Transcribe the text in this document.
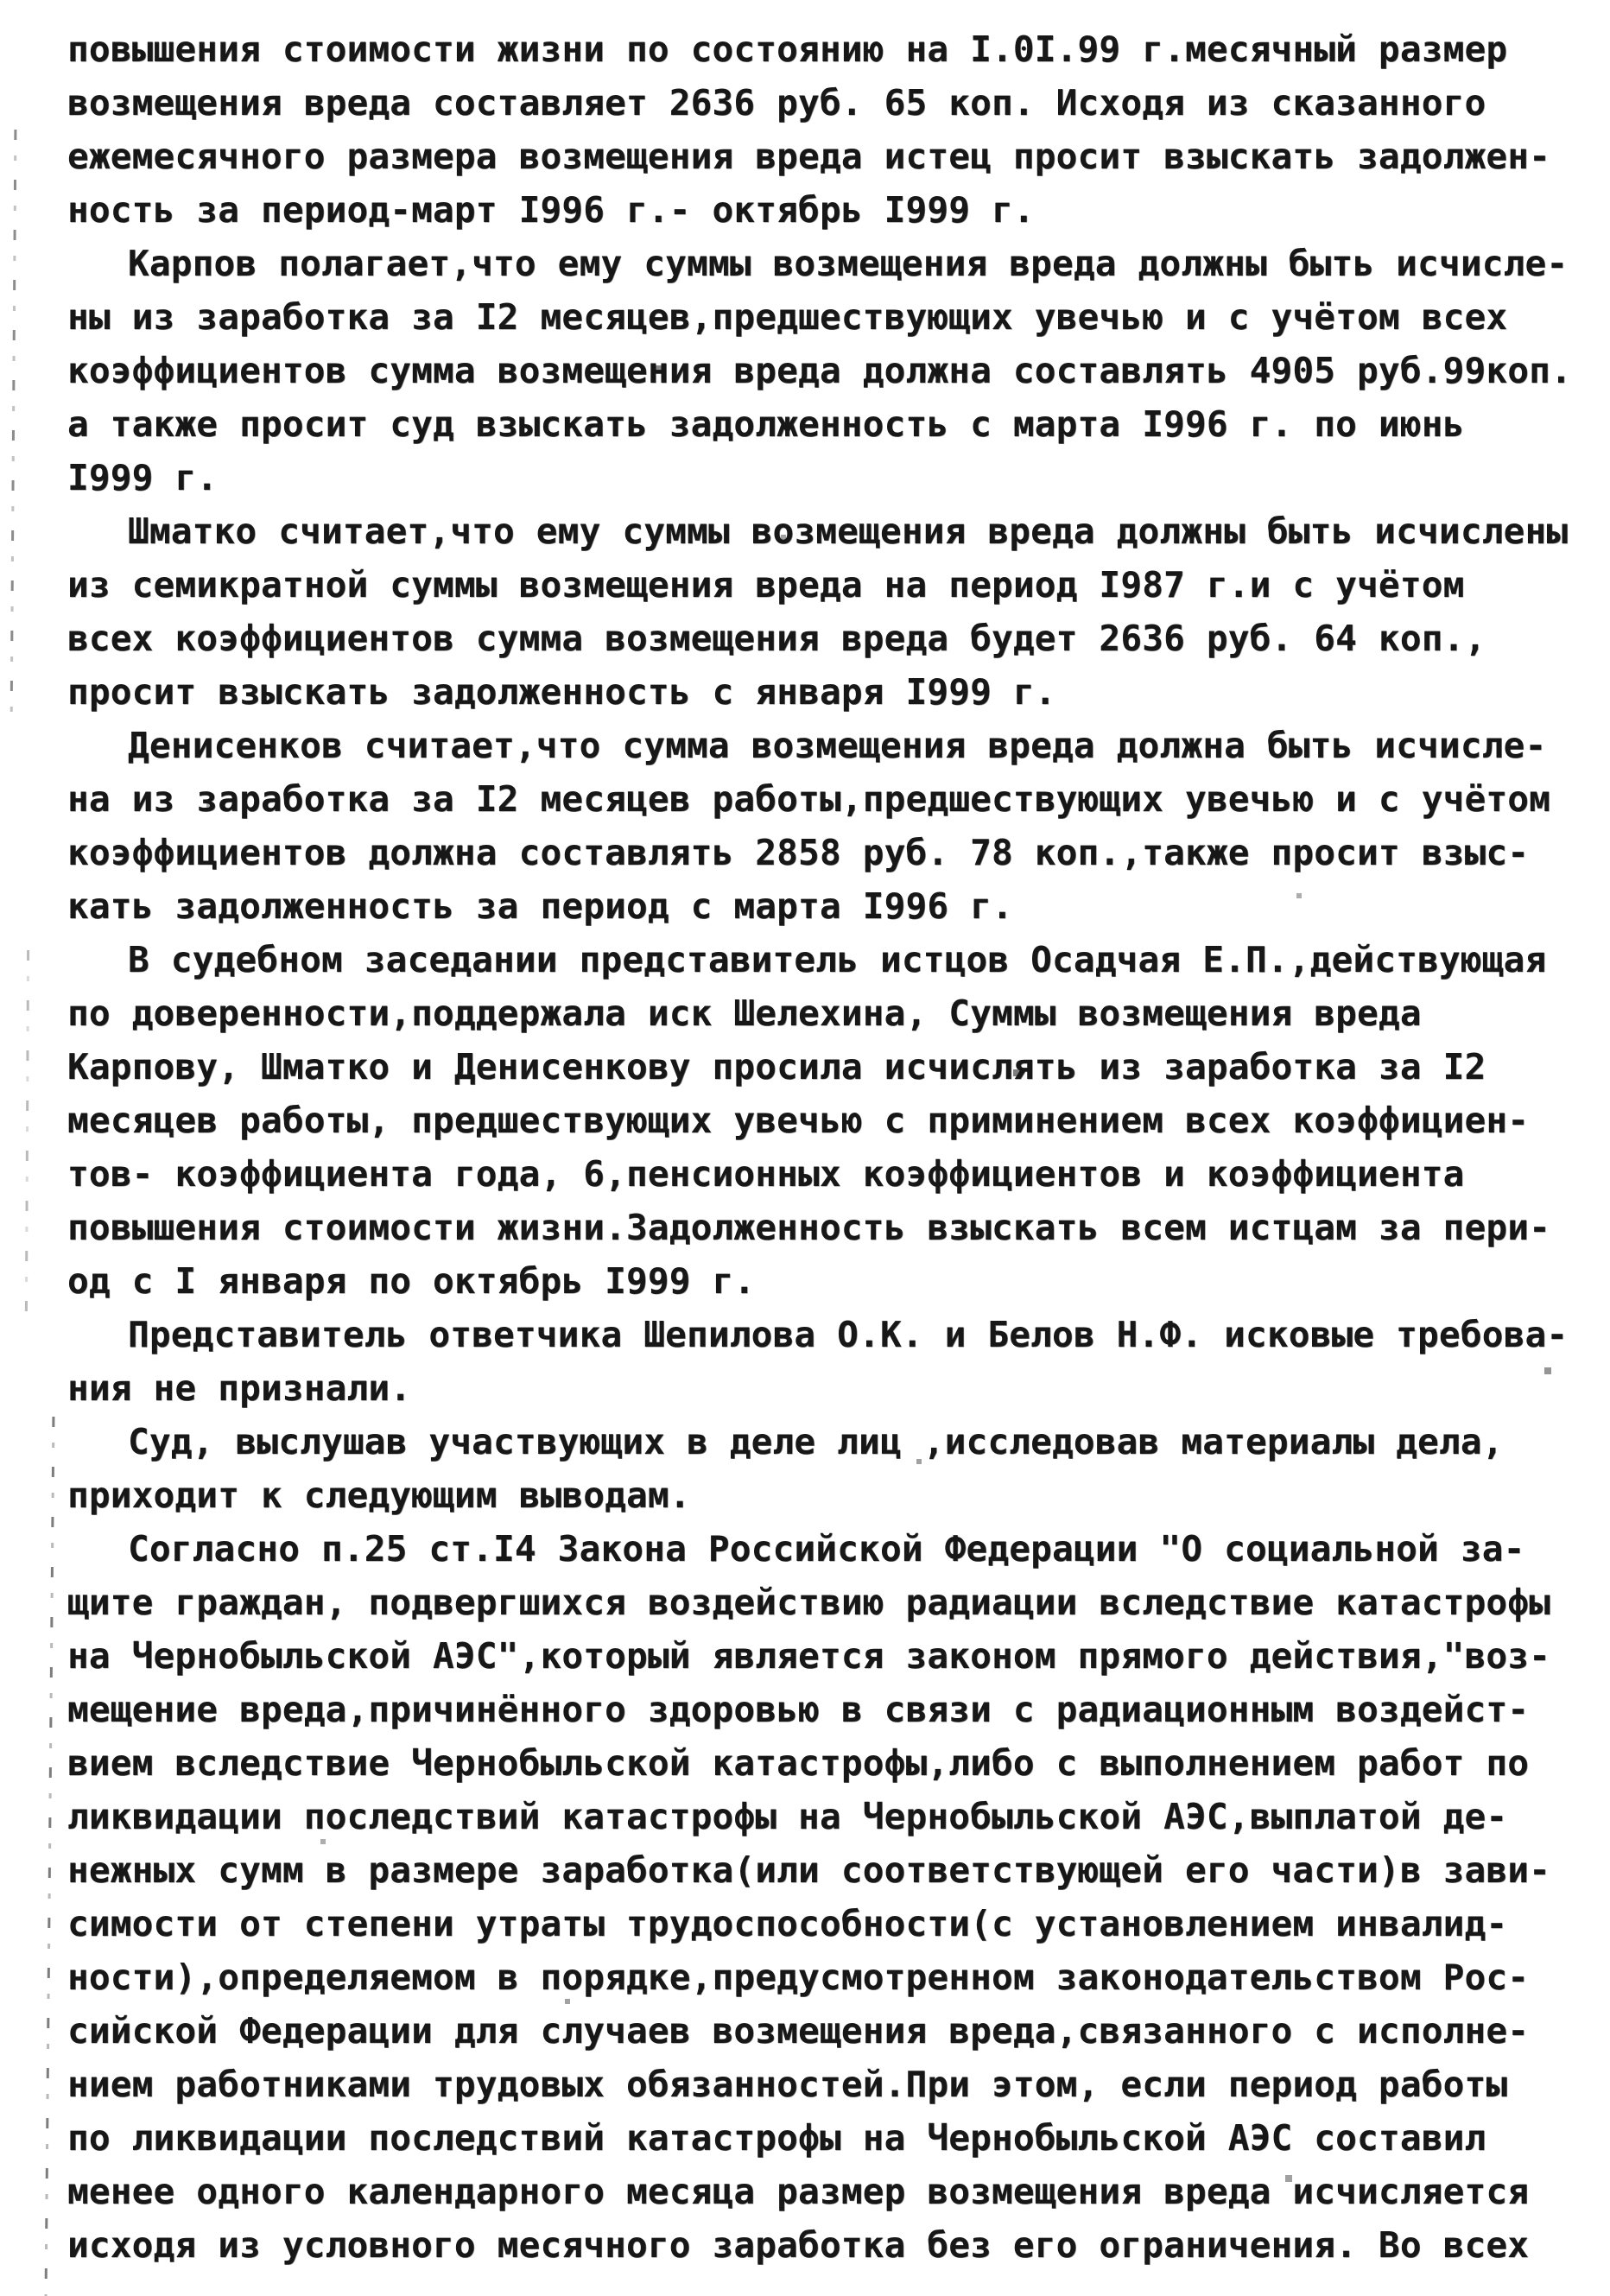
повышения стоимости жизни по состоянию на I.0I.99 г.месячный размер
возмещения вреда составляет 2636 руб. 65 коп. Исходя из сказанного
ежемесячного размера возмещения вреда истец просит взыскать задолжен-
ность за период-март I996 г.- октябрь I999 г.
Карпов полагает,что ему суммы возмещения вреда должны быть исчисле-
ны из заработка за I2 месяцев,предшествующих увечью и с учётом всех
коэффициентов сумма возмещения вреда должна составлять 4905 руб.99коп.
а также просит суд взыскать задолженность с марта I996 г. по июнь
I999 г.
Шматко считает,что ему суммы возмещения вреда должны быть исчислены
из семикратной суммы возмещения вреда на период I987 г.и с учётом
всех коэффициентов сумма возмещения вреда будет 2636 руб. 64 коп.,
просит взыскать задолженность с января I999 г.
Денисенков считает,что сумма возмещения вреда должна быть исчисле-
на из заработка за I2 месяцев работы,предшествующих увечью и с учётом
коэффициентов должна составлять 2858 руб. 78 коп.,также просит взыс-
кать задолженность за период с марта I996 г.
В судебном заседании представитель истцов Осадчая Е.П.,действующая
по доверенности,поддержала иск Шелехина, Суммы возмещения вреда
Карпову, Шматко и Денисенкову просила исчислять из заработка за I2
месяцев работы, предшествующих увечью с приминением всех коэффициен-
тов- коэффициента года, 6,пенсионных коэффициентов и коэффициента
повышения стоимости жизни.Задолженность взыскать всем истцам за пери-
од с I января по октябрь I999 г.
Представитель ответчика Шепилова О.К. и Белов Н.Ф. исковые требова-
ния не признали.
Суд, выслушав участвующих в деле лиц ,исследовав материалы дела,
приходит к следующим выводам.
Согласно п.25 ст.I4 Закона Российской Федерации "О социальной за-
щите граждан, подвергшихся воздействию радиации вследствие катастрофы
на Чернобыльской АЭС",который является законом прямого действия,"воз-
мещение вреда,причинённого здоровью в связи с радиационным воздейст-
вием вследствие Чернобыльской катастрофы,либо с выполнением работ по
ликвидации последствий катастрофы на Чернобыльской АЭС,выплатой де-
нежных сумм в размере заработка(или соответствующей его части)в зави-
симости от степени утраты трудоспособности(с установлением инвалид-
ности),определяемом в порядке,предусмотренном законодательством Рос-
сийской Федерации для случаев возмещения вреда,связанного с исполне-
нием работниками трудовых обязанностей.При этом, если период работы
по ликвидации последствий катастрофы на Чернобыльской АЭС составил
менее одного календарного месяца размер возмещения вреда исчисляется
исходя из условного месячного заработка без его ограничения. Во всех
